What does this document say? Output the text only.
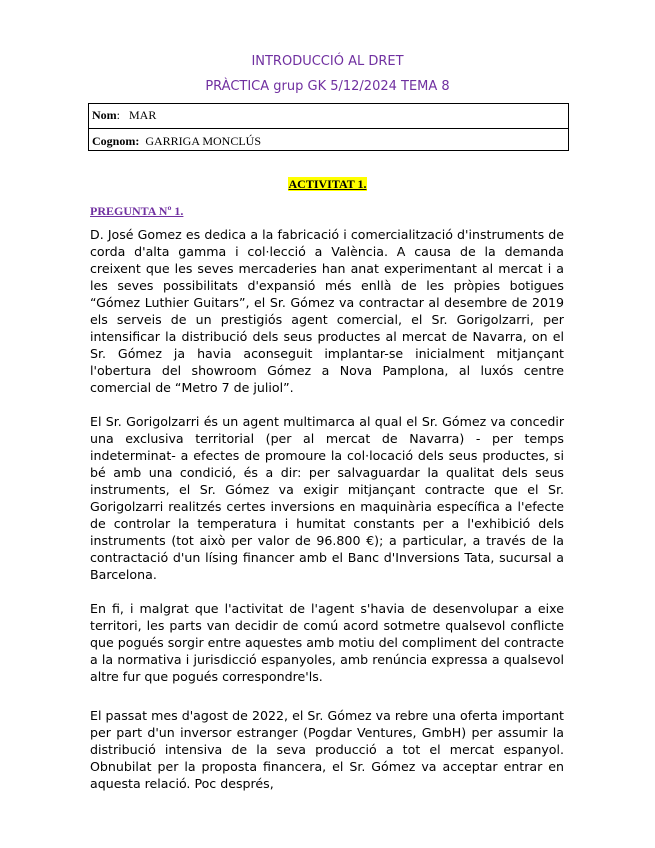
INTRODUCCIÓ AL DRET
PRÀCTICA grup GK 5/12/2024 TEMA 8
Nom:   MAR
Cognom: GARRIGA MONCLÚS
ACTIVITAT 1.
PREGUNTA Nº 1.

D. José Gomez es dedica a la fabricació i comercialització d'instruments de corda d'alta gamma i col·lecció a València. A causa de la demanda creixent que les seves mercaderies han anat experimentant al mercat i a les seves possibilitats d'expansió més enllà de les pròpies botigues “Gómez Luthier Guitars”, el Sr. Gómez va contractar al desembre de 2019 els serveis de un prestigiós agent comercial, el Sr. Gorigolzarri, per intensificar la distribució dels seus productes al mercat de Navarra, on el Sr. Gómez ja havia aconseguit implantar-se inicialment mitjançant l'obertura del showroom Gómez a Nova Pamplona, al luxós centre comercial de “Metro 7 de juliol”.

El Sr. Gorigolzarri és un agent multimarca al qual el Sr. Gómez va concedir una exclusiva territorial (per al mercat de Navarra) - per temps indeterminat- a efectes de promoure la col·locació dels seus productes, si bé amb una condició, és a dir: per salvaguardar la qualitat dels seus instruments, el Sr. Gómez va exigir mitjançant contracte que el Sr. Gorigolzarri realitzés certes inversions en maquinària específica a l'efecte de controlar la temperatura i humitat constants per a l'exhibició dels instruments (tot això per valor de 96.800 €); a particular, a través de la contractació d'un lísing financer amb el Banc d'Inversions Tata, sucursal a Barcelona.

En fi, i malgrat que l'activitat de l'agent s'havia de desenvolupar a eixe territori, les parts van decidir de comú acord sotmetre qualsevol conflicte que pogués sorgir entre aquestes amb motiu del compliment del contracte a la normativa i jurisdicció espanyoles, amb renúncia expressa a qualsevol altre fur que pogués correspondre'ls.

El passat mes d'agost de 2022, el Sr. Gómez va rebre una oferta important per part d'un inversor estranger (Pogdar Ventures, GmbH) per assumir la distribució intensiva de la seva producció a tot el mercat espanyol. Obnubilat per la proposta financera, el Sr. Gómez va acceptar entrar en aquesta relació. Poc després,
